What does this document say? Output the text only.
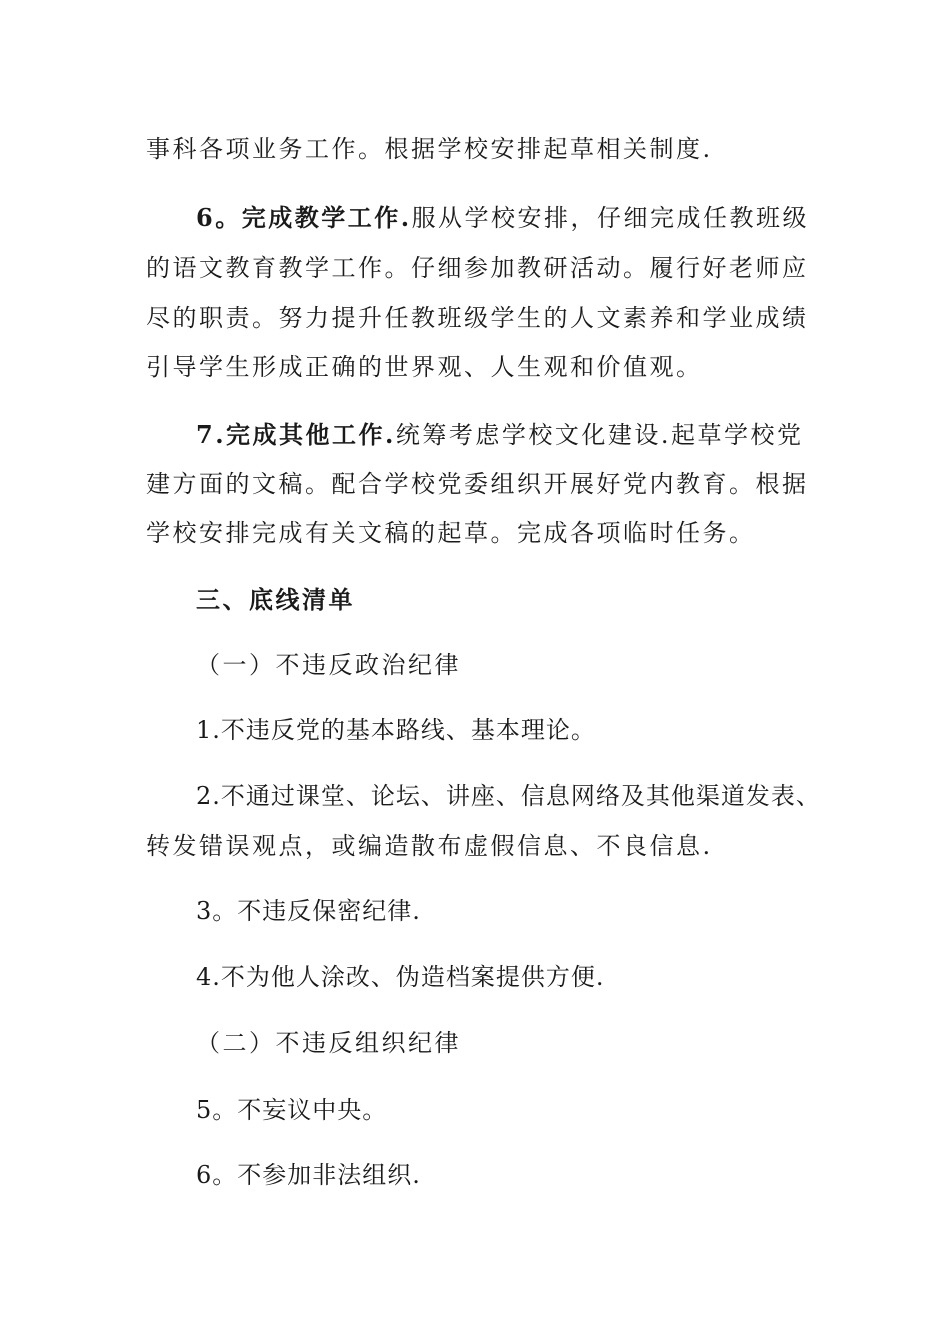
事科各项业务工作。根据学校安排起草相关制度.
6。完成教学工作.服从学校安排，仔细完成任教班级
的语文教育教学工作。仔细参加教研活动。履行好老师应
尽的职责。努力提升任教班级学生的人文素养和学业成绩
引导学生形成正确的世界观、人生观和价值观。
7.完成其他工作.统筹考虑学校文化建设.起草学校党
建方面的文稿。配合学校党委组织开展好党内教育。根据
学校安排完成有关文稿的起草。完成各项临时任务。
三、底线清单
（一）不违反政治纪律
1.不违反党的基本路线、基本理论。
2.不通过课堂、论坛、讲座、信息网络及其他渠道发表、
转发错误观点，或编造散布虚假信息、不良信息.
3。不违反保密纪律.
4.不为他人涂改、伪造档案提供方便.
（二）不违反组织纪律
5。不妄议中央。
6。不参加非法组织.
